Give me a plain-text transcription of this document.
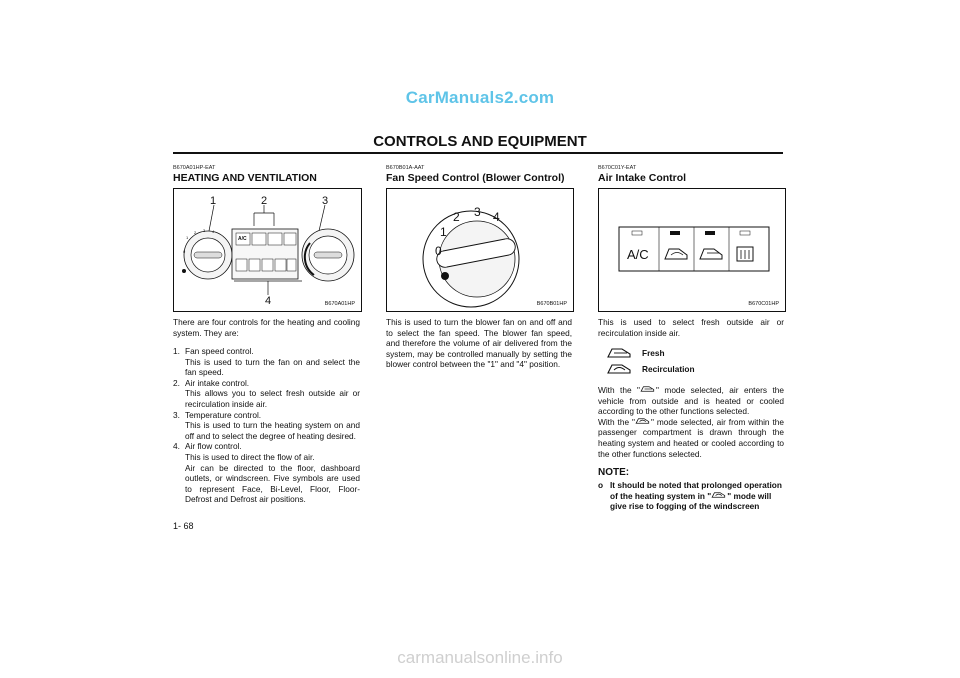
CarManuals2.com
CONTROLS AND EQUIPMENT
B670A01HP-EAT
HEATING AND VENTILATION
1	2	3
4
A/C
1
2 3 4
0
B670A01HP
There are four controls for the heating and cooling system. They are:
1. Fan speed control.
This is used to turn the fan on and select the fan speed.
2. Air intake control.
This allows you to select fresh outside air or recirculation inside air.
3. Temperature control.
This is used to turn the heating system on and off and to select the degree of heating desired.
4. Air flow control.
This is used to direct the flow of air.
Air can be directed to the floor, dashboard outlets, or windscreen. Five symbols are used to represent Face, Bi-Level, Floor, Floor-Defrost and Defrost air positions.
B670B01A-AAT
Fan Speed Control (Blower Control)
0
1
2 3 4
B670B01HP
This is used to turn the blower fan on and off and to select the fan speed. The blower fan speed, and therefore the volume of air delivered from the system, may be controlled manually by setting the blower control between the "1" and "4" position.
B670C01Y-EAT
Air Intake Control
A/C
B670C01HP
This is used to select fresh outside air or recirculation inside air.
Fresh
Recirculation
With the " " mode selected, air enters the vehicle from outside and is heated or cooled according to the other functions selected.
With the " " mode selected, air from within the passenger compartment is drawn through the heating system and heated or cooled according to the other functions selected.
NOTE:
o It should be noted that prolonged operation of the heating system in " " mode will give rise to fogging of the windscreen
1- 68
carmanualsonline.info
